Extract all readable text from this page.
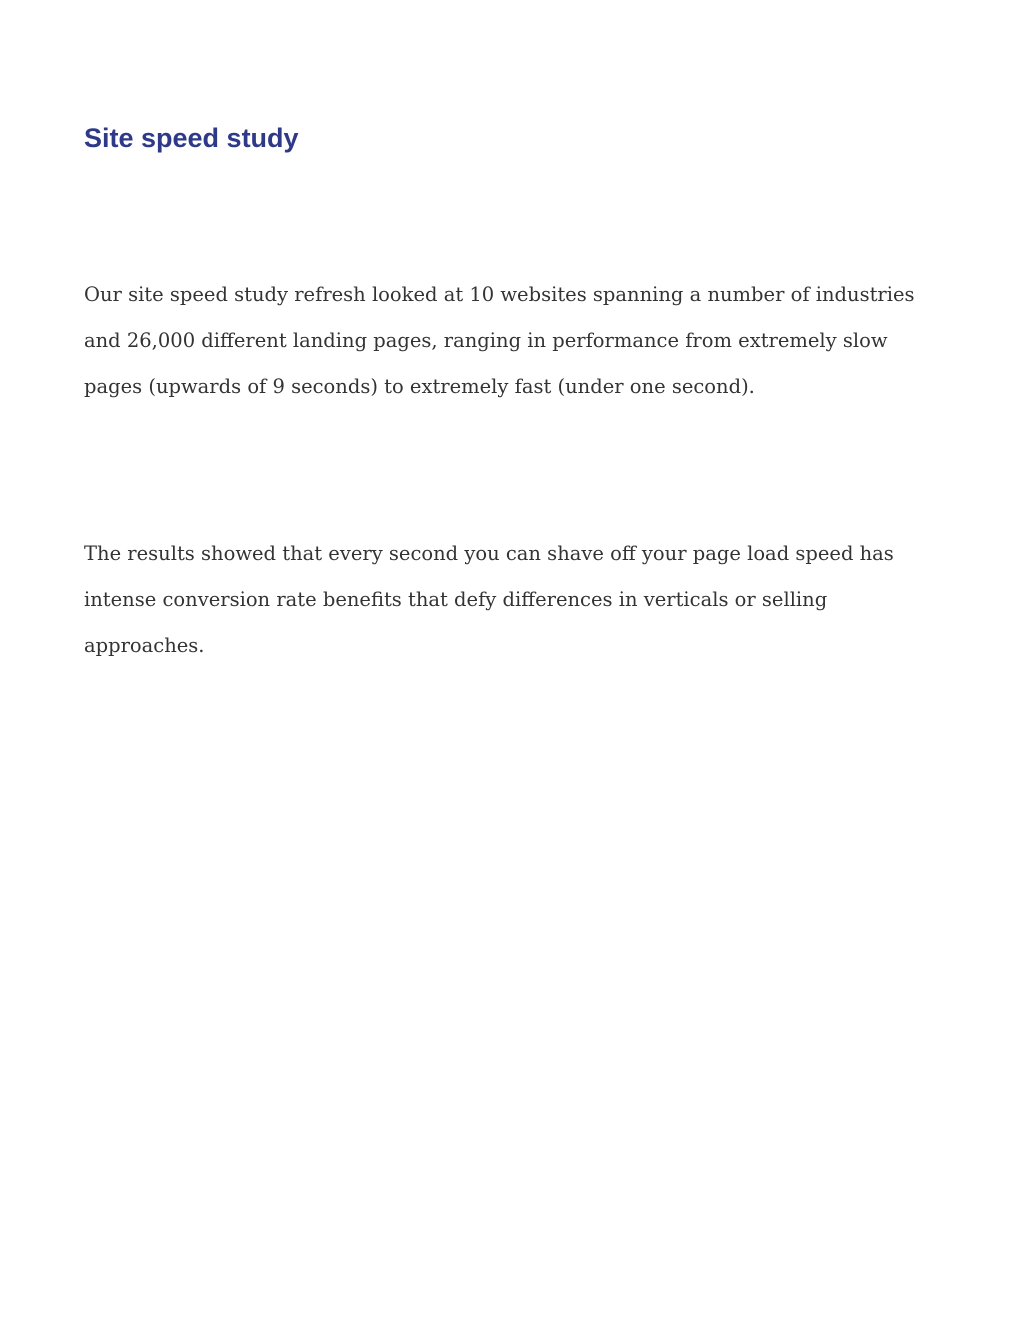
Site speed study

Our site speed study refresh looked at 10 websites spanning a number of industries
and 26,000 different landing pages, ranging in performance from extremely slow
pages (upwards of 9 seconds) to extremely fast (under one second).

The results showed that every second you can shave off your page load speed has
intense conversion rate benefits that defy differences in verticals or selling
approaches.
